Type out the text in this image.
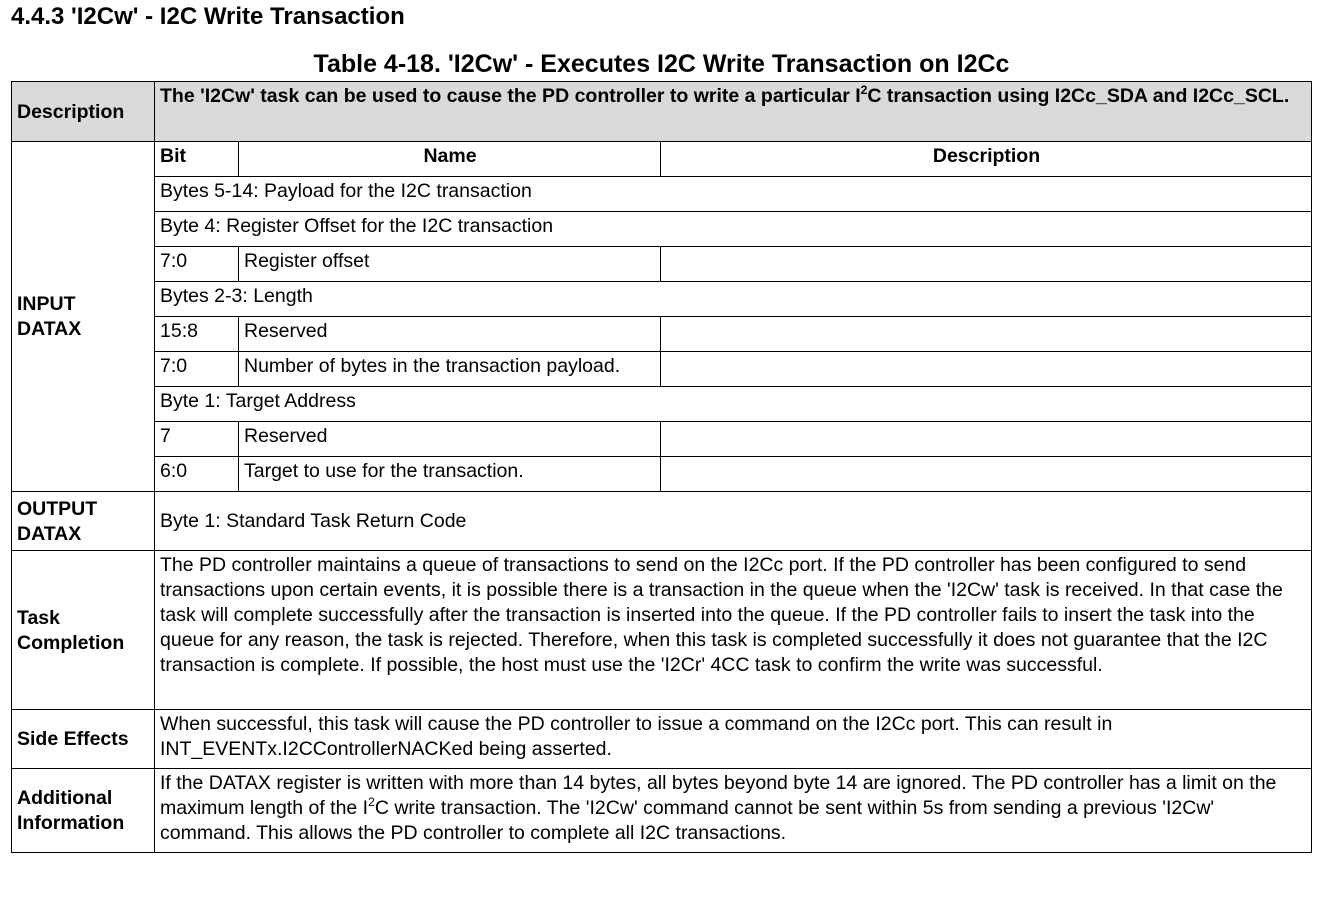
4.4.3 'I2Cw' - I2C Write Transaction
Table 4-18. 'I2Cw' - Executes I2C Write Transaction on I2Cc
Description	The 'I2Cw' task can be used to cause the PD controller to write a particular $I^2C$ transaction using I2Cc_SDA and I2Cc_SCL.		

INPUT
DATAX	Bit	Name	Description
	Bytes 5-14: Payload for the I2C transaction		
	Byte 4: Register Offset for the I2C transaction		
	7:0	Register offset	
	Bytes 2-3: Length		
	15:8	Reserved	
	7:0	Number of bytes in the transaction payload.	
	Byte 1: Target Address		
	7	Reserved	
	6:0	Target to use for the transaction.	

OUTPUT
DATAX	Byte 1: Standard Task Return Code		

Task
Completion	The PD controller maintains a queue of transactions to send on the I2Cc port. If the PD controller has been configured to send transactions upon certain events, it is possible there is a transaction in the queue when the 'I2Cw' task is received. In that case the task will complete successfully after the transaction is inserted into the queue. If the PD controller fails to insert the task into the queue for any reason, the task is rejected. Therefore, when this task is completed successfully it does not guarantee that the I2C transaction is complete. If possible, the host must use the 'I2Cr' 4CC task to confirm the write was successful.		
Side Effects	When successful, this task will cause the PD controller to issue a command on the I2Cc port. This can result in INT_EVENTx.I2CControllerNACKed being asserted.		

Additional
Information	If the DATAX register is written with more than 14 bytes, all bytes beyond byte 14 are ignored. The PD controller has a limit on the maximum length of the $I^2C$ write transaction. The 'I2Cw' command cannot be sent within 5s from sending a previous 'I2Cw' command. This allows the PD controller to complete all I2C transactions.		
